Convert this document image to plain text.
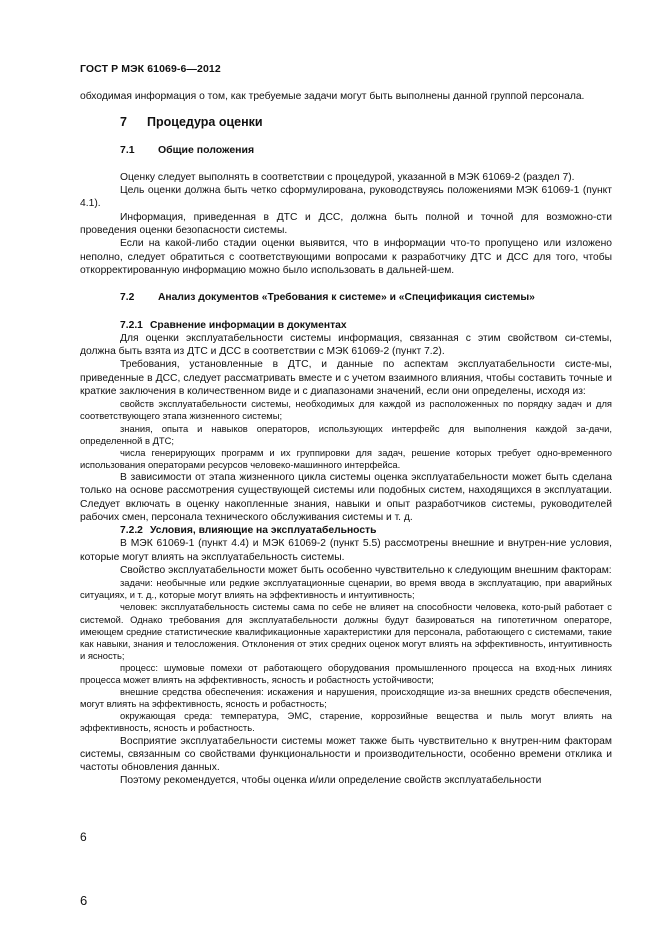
ГОСТ Р МЭК 61069-6—2012

обходимая информация о том, как требуемые задачи могут быть выполнены данной группой персонала.

7 Процедура оценки
7.1 Общие положения

Оценку следует выполнять в соответствии с процедурой, указанной в МЭК 61069-2 (раздел 7).

Цель оценки должна быть четко сформулирована, руководствуясь положениями МЭК 61069-1 (пункт 4.1).

Информация, приведенная в ДТС и ДСС, должна быть полной и точной для возможно-сти проведения оценки безопасности системы.

Если на какой-либо стадии оценки выявится, что в информации что-то пропущено или изложено неполно, следует обратиться с соответствующими вопросами к разработчику ДТС и ДСС для того, чтобы откорректированную информацию можно было использовать в дальней-шем.

7.2 Анализ документов «Требования к системе» и «Спецификация системы»
7.2.1 Сравнение информации в документах

Для оценки эксплуатабельности системы информация, связанная с этим свойством си-стемы, должна быть взята из ДТС и ДСС в соответствии с МЭК 61069-2 (пункт 7.2).

Требования, установленные в ДТС, и данные по аспектам эксплуатабельности систе-мы, приведенные в ДСС, следует рассматривать вместе и с учетом взаимного влияния, чтобы составить точные и краткие заключения в количественном виде и с диапазонами значений, если они определены, исходя из:

свойств эксплуатабельности системы, необходимых для каждой из расположенных по порядку задач и для соответствующего этапа жизненного системы;

знания, опыта и навыков операторов, использующих интерфейс для выполнения каждой за-дачи, определенной в ДТС;

числа генерирующих программ и их группировки для задач, решение которых требует одно-временного использования операторами ресурсов человеко-машинного интерфейса.

В зависимости от этапа жизненного цикла системы оценка эксплуатабельности может быть сделана только на основе рассмотрения существующей системы или подобных систем, находящихся в эксплуатации. Следует включать в оценку накопленные знания, навыки и опыт разработчиков системы, руководителей рабочих смен, персонала технического обслуживания системы и т. д.

7.2.2 Условия, влияющие на эксплуатабельность

В МЭК 61069-1 (пункт 4.4) и МЭК 61069-2 (пункт 5.5) рассмотрены внешние и внутрен-ние условия, которые могут влиять на эксплуатабельность системы.

Свойство эксплуатабельности может быть особенно чувствительно к следующим внешним факторам:

задачи: необычные или редкие эксплуатационные сценарии, во время ввода в эксплуатацию, при аварийных ситуациях, и т. д., которые могут влиять на эффективность и интуитивность;

человек: эксплуатабельность системы сама по себе не влияет на способности человека, кото-рый работает с системой. Однако требования для эксплуатабельности должны будут базироваться на гипотетичном операторе, имеющем средние статистические квалификационные характеристики для персонала, работающего с системами, такие как навыки, знания и телосложения. Отклонения от этих средних оценок могут влиять на эффективность, интуитивность и ясность;

процесс: шумовые помехи от работающего оборудования промышленного процесса на вход-ных линиях процесса может влиять на эффективность, ясность и робастность устойчивости;

внешние средства обеспечения: искажения и нарушения, происходящие из-за внешних средств обеспечения, могут влиять на эффективность, ясность и робастность;

окружающая среда: температура, ЭМС, старение, коррозийные вещества и пыль могут влиять на эффективность, ясность и робастность.

Восприятие эксплуатабельности системы может также быть чувствительно к внутрен-ним факторам системы, связанным со свойствами функциональности и производительности, особенно времени отклика и частоты обновления данных.

Поэтому рекомендуется, чтобы оценка и/или определение свойств эксплуатабельности

6
6
